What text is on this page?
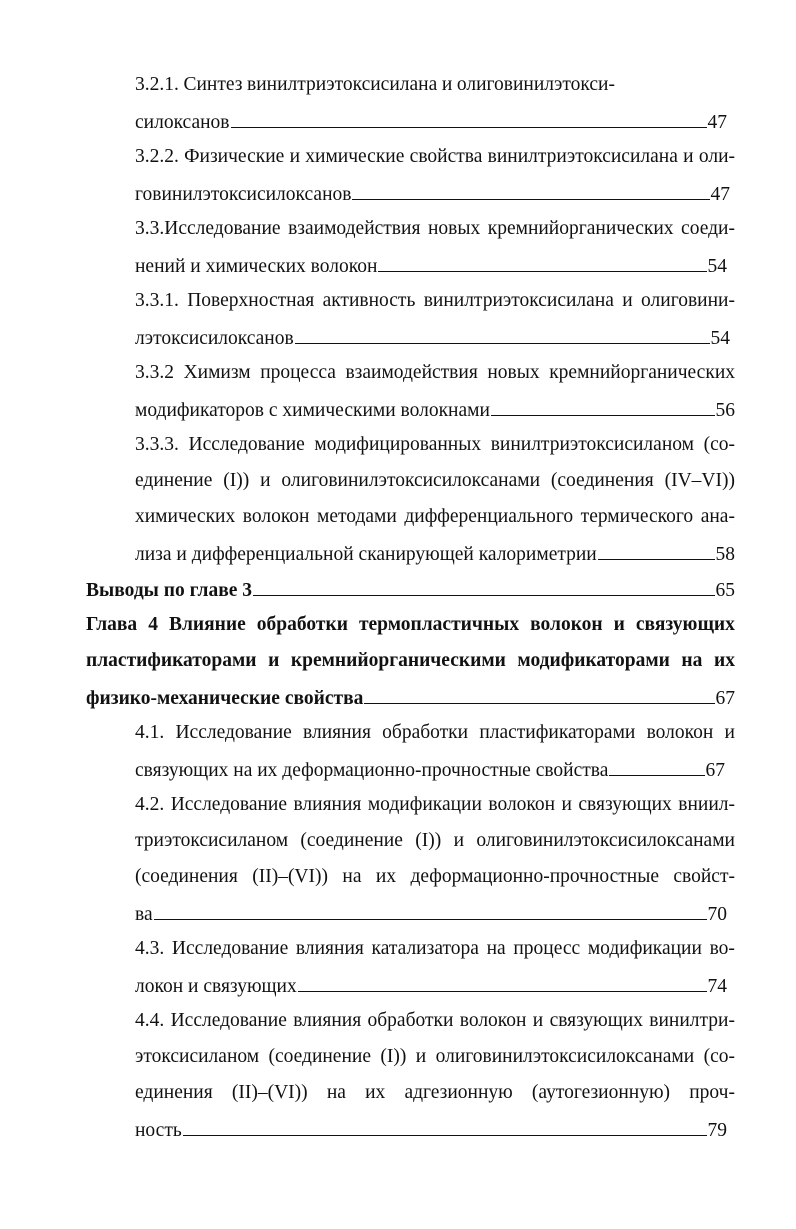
3.2.1. Синтез винилтриэтоксисилана и олиговинилэтокси-
силоксанов	47
3.2.2. Физические и химические свойства винилтриэтоксисилана и оли-
говинилэтоксисилоксанов	47
3.3.Исследование взаимодействия новых кремнийорганических соеди-
нений и химических волокон	54
3.3.1. Поверхностная активность винилтриэтоксисилана и олиговини-
лэтоксисилоксанов	54
3.3.2 Химизм процесса взаимодействия новых кремнийорганических
модификаторов с химическими волокнами	56
3.3.3. Исследование модифицированных винилтриэтоксисиланом (со-
единение (I)) и олиговинилэтоксисилоксанами (соединения (IV–VI))
химических волокон методами дифференциального термического ана-
лиза и дифференциальной сканирующей калориметрии	58
Выводы по главе 3	65
Глава 4 Влияние обработки термопластичных волокон и связующих
пластификаторами и кремнийорганическими модификаторами на их
физико-механические свойства	67
4.1. Исследование влияния обработки пластификаторами волокон и
связующих на их деформационно-прочностные свойства	67
4.2. Исследование влияния модификации волокон и связующих вниил-
триэтоксисиланом (соединение (I)) и олиговинилэтоксисилоксанами
(соединения (II)–(VI)) на их деформационно-прочностные свойст-
ва	70
4.3. Исследование влияния катализатора на процесс модификации во-
локон и связующих	74
4.4. Исследование влияния обработки волокон и связующих винилтри-
этоксисиланом (соединение (I)) и олиговинилэтоксисилоксанами (со-
единения (II)–(VI)) на их адгезионную (аутогезионную) проч-
ность	79
